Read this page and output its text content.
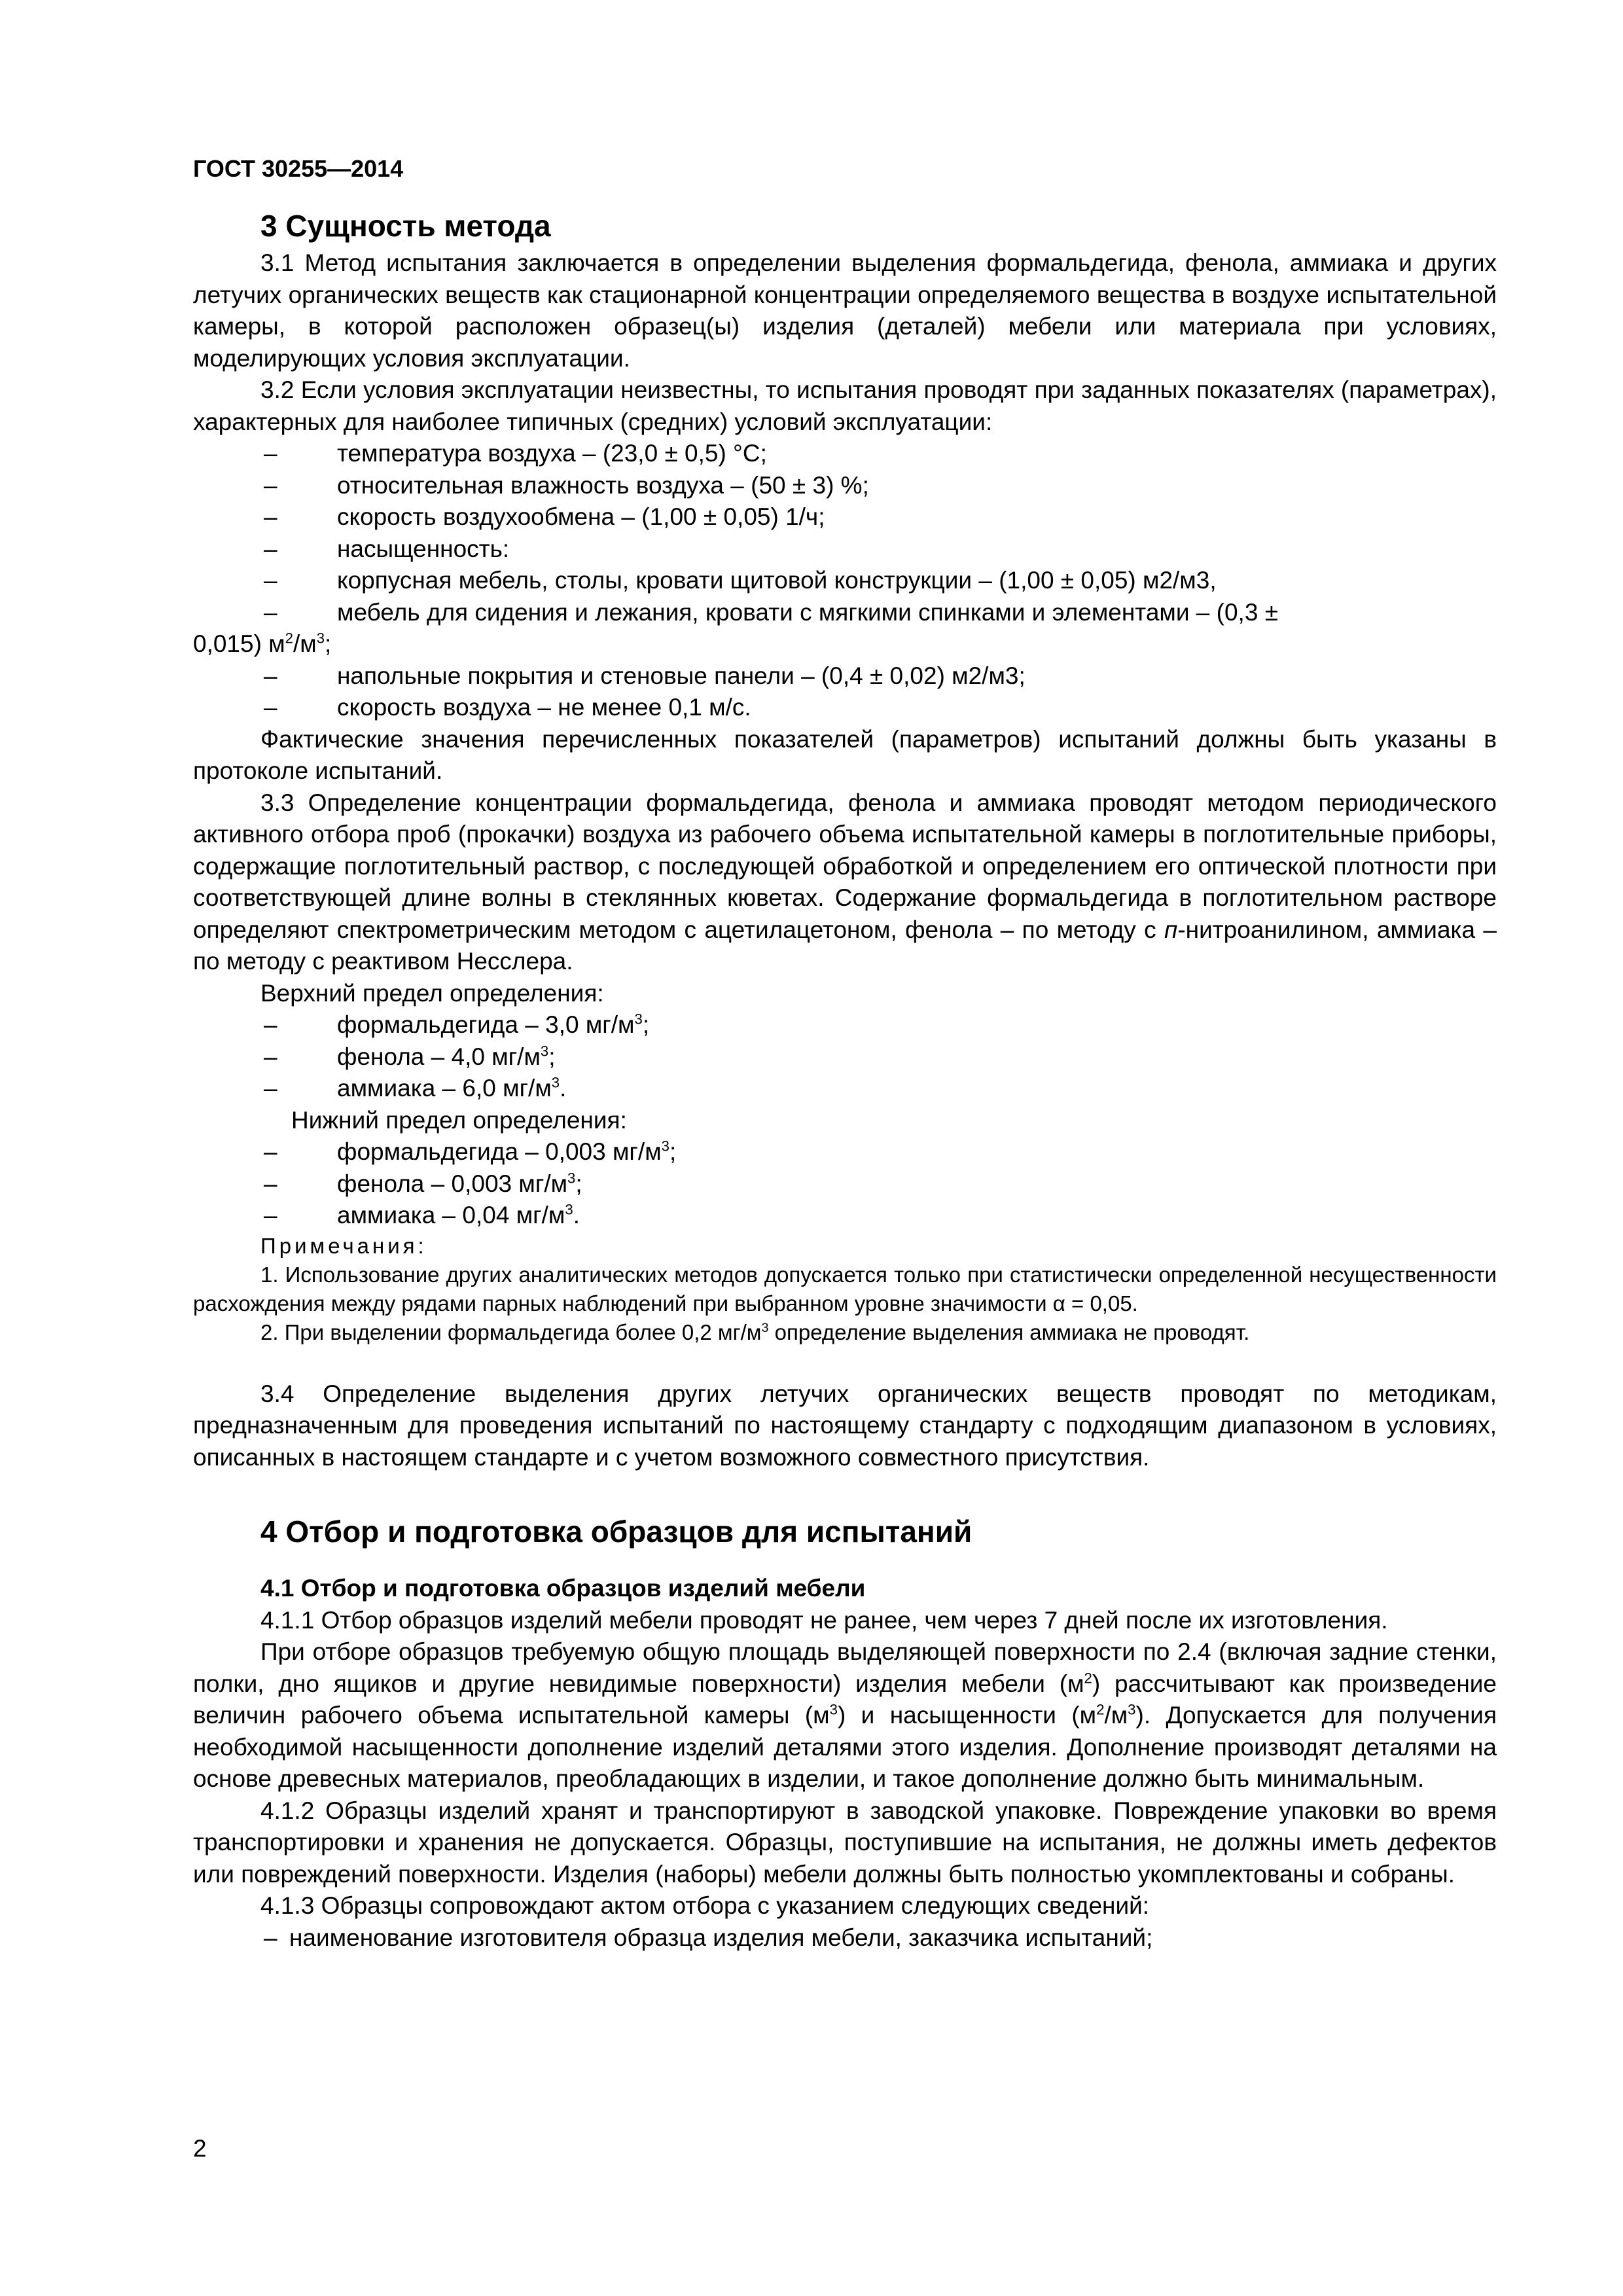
ГОСТ 30255—2014

3 Сущность метода

3.1 Метод испытания заключается в определении выделения формальдегида, фенола, аммиака и других летучих органических веществ как стационарной концентрации определяемого вещества в воздухе испытательной камеры, в которой расположен образец(ы) изделия (деталей) мебели или материала при условиях, моделирующих условия эксплуатации.

3.2 Если условия эксплуатации неизвестны, то испытания проводят при заданных показателях (параметрах), характерных для наиболее типичных (средних) условий эксплуатации:

– температура воздуха – (23,0 ± 0,5) °С;

– относительная влажность воздуха – (50 ± 3) %;

– скорость воздухообмена – (1,00 ± 0,05) 1/ч;

– насыщенность:

– корпусная мебель, столы, кровати щитовой конструкции – (1,00 ± 0,05) м2/м3,

– мебель для сидения и лежания, кровати с мягкими спинками и элементами – (0,3 ±

0,015) $м^2/м^3$;

– напольные покрытия и стеновые панели – (0,4 ± 0,02) м2/м3;

– скорость воздуха – не менее 0,1 м/с.

Фактические значения перечисленных показателей (параметров) испытаний должны быть указаны в протоколе испытаний.

3.3 Определение концентрации формальдегида, фенола и аммиака проводят методом периодического активного отбора проб (прокачки) воздуха из рабочего объема испытательной камеры в поглотительные приборы, содержащие поглотительный раствор, с последующей обработкой и определением его оптической плотности при соответствующей длине волны в стеклянных кюветах. Содержание формальдегида в поглотительном растворе определяют спектрометрическим методом с ацетилацетоном, фенола – по методу с п-нитроанилином, аммиака – по методу с реактивом Несслера.

Верхний предел определения:

– формальдегида – 3,0 $мг/м^3$;

– фенола – 4,0 $мг/м^3$;

– аммиака – 6,0 $мг/м^3$.

Нижний предел определения:

– формальдегида – 0,003 $мг/м^3$;

– фенола – 0,003 $мг/м^3$;

– аммиака – 0,04 $мг/м^3$.

Примечания:

1. Использование других аналитических методов допускается только при статистически определенной несущественности расхождения между рядами парных наблюдений при выбранном уровне значимости α = 0,05.

2. При выделении формальдегида более 0,2 $мг/м^3$ определение выделения аммиака не проводят.

3.4 Определение выделения других летучих органических веществ проводят по методикам, предназначенным для проведения испытаний по настоящему стандарту с подходящим диапазоном в условиях, описанных в настоящем стандарте и с учетом возможного совместного присутствия.

4 Отбор и подготовка образцов для испытаний

4.1 Отбор и подготовка образцов изделий мебели

4.1.1 Отбор образцов изделий мебели проводят не ранее, чем через 7 дней после их изготовления.

При отборе образцов требуемую общую площадь выделяющей поверхности по 2.4 (включая задние стенки, полки, дно ящиков и другие невидимые поверхности) изделия мебели $(м^2)$ рассчитывают как произведение величин рабочего объема испытательной камеры $(м^3)$ и насыщенности $(м^2/м^3)$. Допускается для получения необходимой насыщенности дополнение изделий деталями этого изделия. Дополнение производят деталями на основе древесных материалов, преобладающих в изделии, и такое дополнение должно быть минимальным.

4.1.2 Образцы изделий хранят и транспортируют в заводской упаковке. Повреждение упаковки во время транспортировки и хранения не допускается. Образцы, поступившие на испытания, не должны иметь дефектов или повреждений поверхности. Изделия (наборы) мебели должны быть полностью укомплектованы и собраны.

4.1.3 Образцы сопровождают актом отбора с указанием следующих сведений:

– наименование изготовителя образца изделия мебели, заказчика испытаний;

2
